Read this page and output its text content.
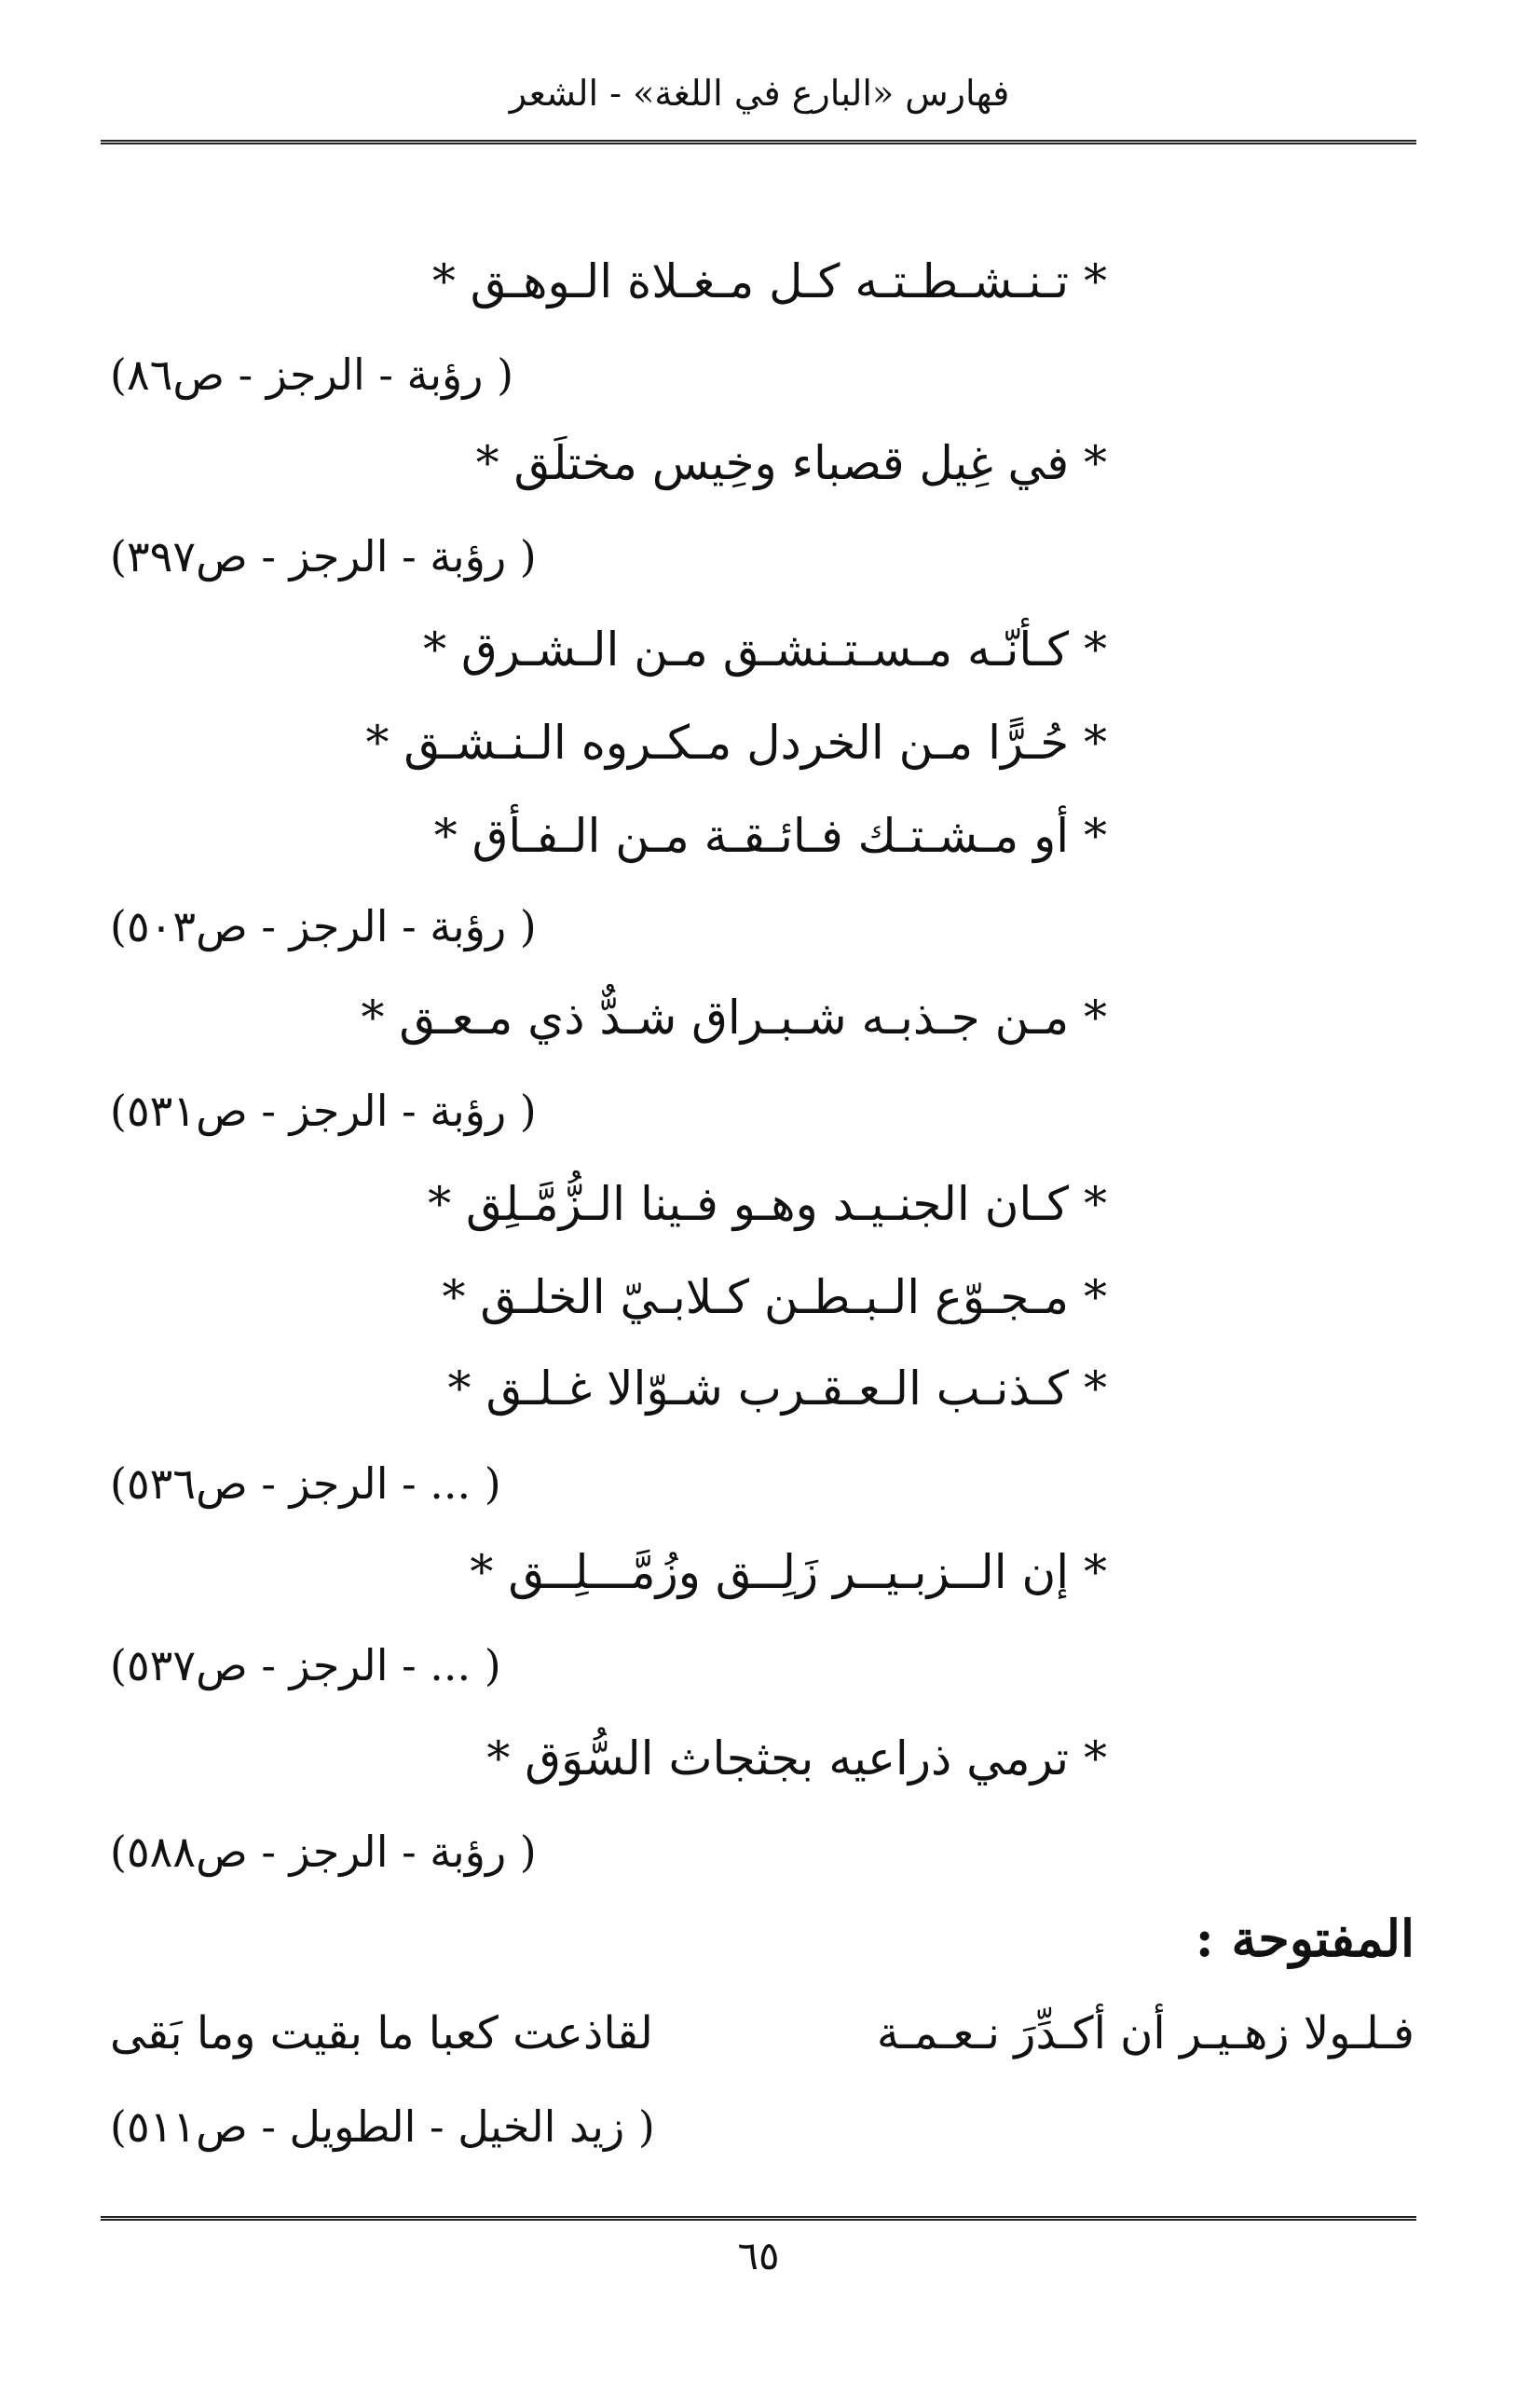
فهارس «البارع في اللغة» - الشعر
* تـنـشـطـتـه كـل مـغـلاة الـوهـق *
( رؤبة - الرجز - ص٨٦)
* في غِيل قصباء وخِيس مختلَق *
( رؤبة - الرجز - ص٣٩٧)
* كـأنّـه مـسـتـنشـق مـن الـشـرق *
* حُـرًّا مـن الخردل مـكـروه الـنـشـق *
* أو مـشـتـك فـائـقـة مـن الـفـأق *
( رؤبة - الرجز - ص٥٠٣)
* مـن جـذبـه شـبـراق شـدٌّ ذي مـعـق *
( رؤبة - الرجز - ص٥٣١)
* كـان الجنـيـد وهـو فـينا الـزُّمَّـلِق *
* مـجـوّع الـبـطـن كـلابـيّ الخلـق *
* كـذنـب الـعـقـرب شـوّالا غـلـق *
( ... - الرجز - ص٥٣٦)
* إن الــزبـيــر زَلِــق وزُمَّـــلِــق *
( ... - الرجز - ص٥٣٧)
* ترمي ذراعيه بجثجاث السُّوَق *
( رؤبة - الرجز - ص٥٨٨)
المفتوحة :
فـلـولا زهـيـر أن أكـدِّرَ نـعـمـة
لقاذعت كعبا ما بقيت وما بَقى
( زيد الخيل - الطويل - ص٥١١)
٦٥
